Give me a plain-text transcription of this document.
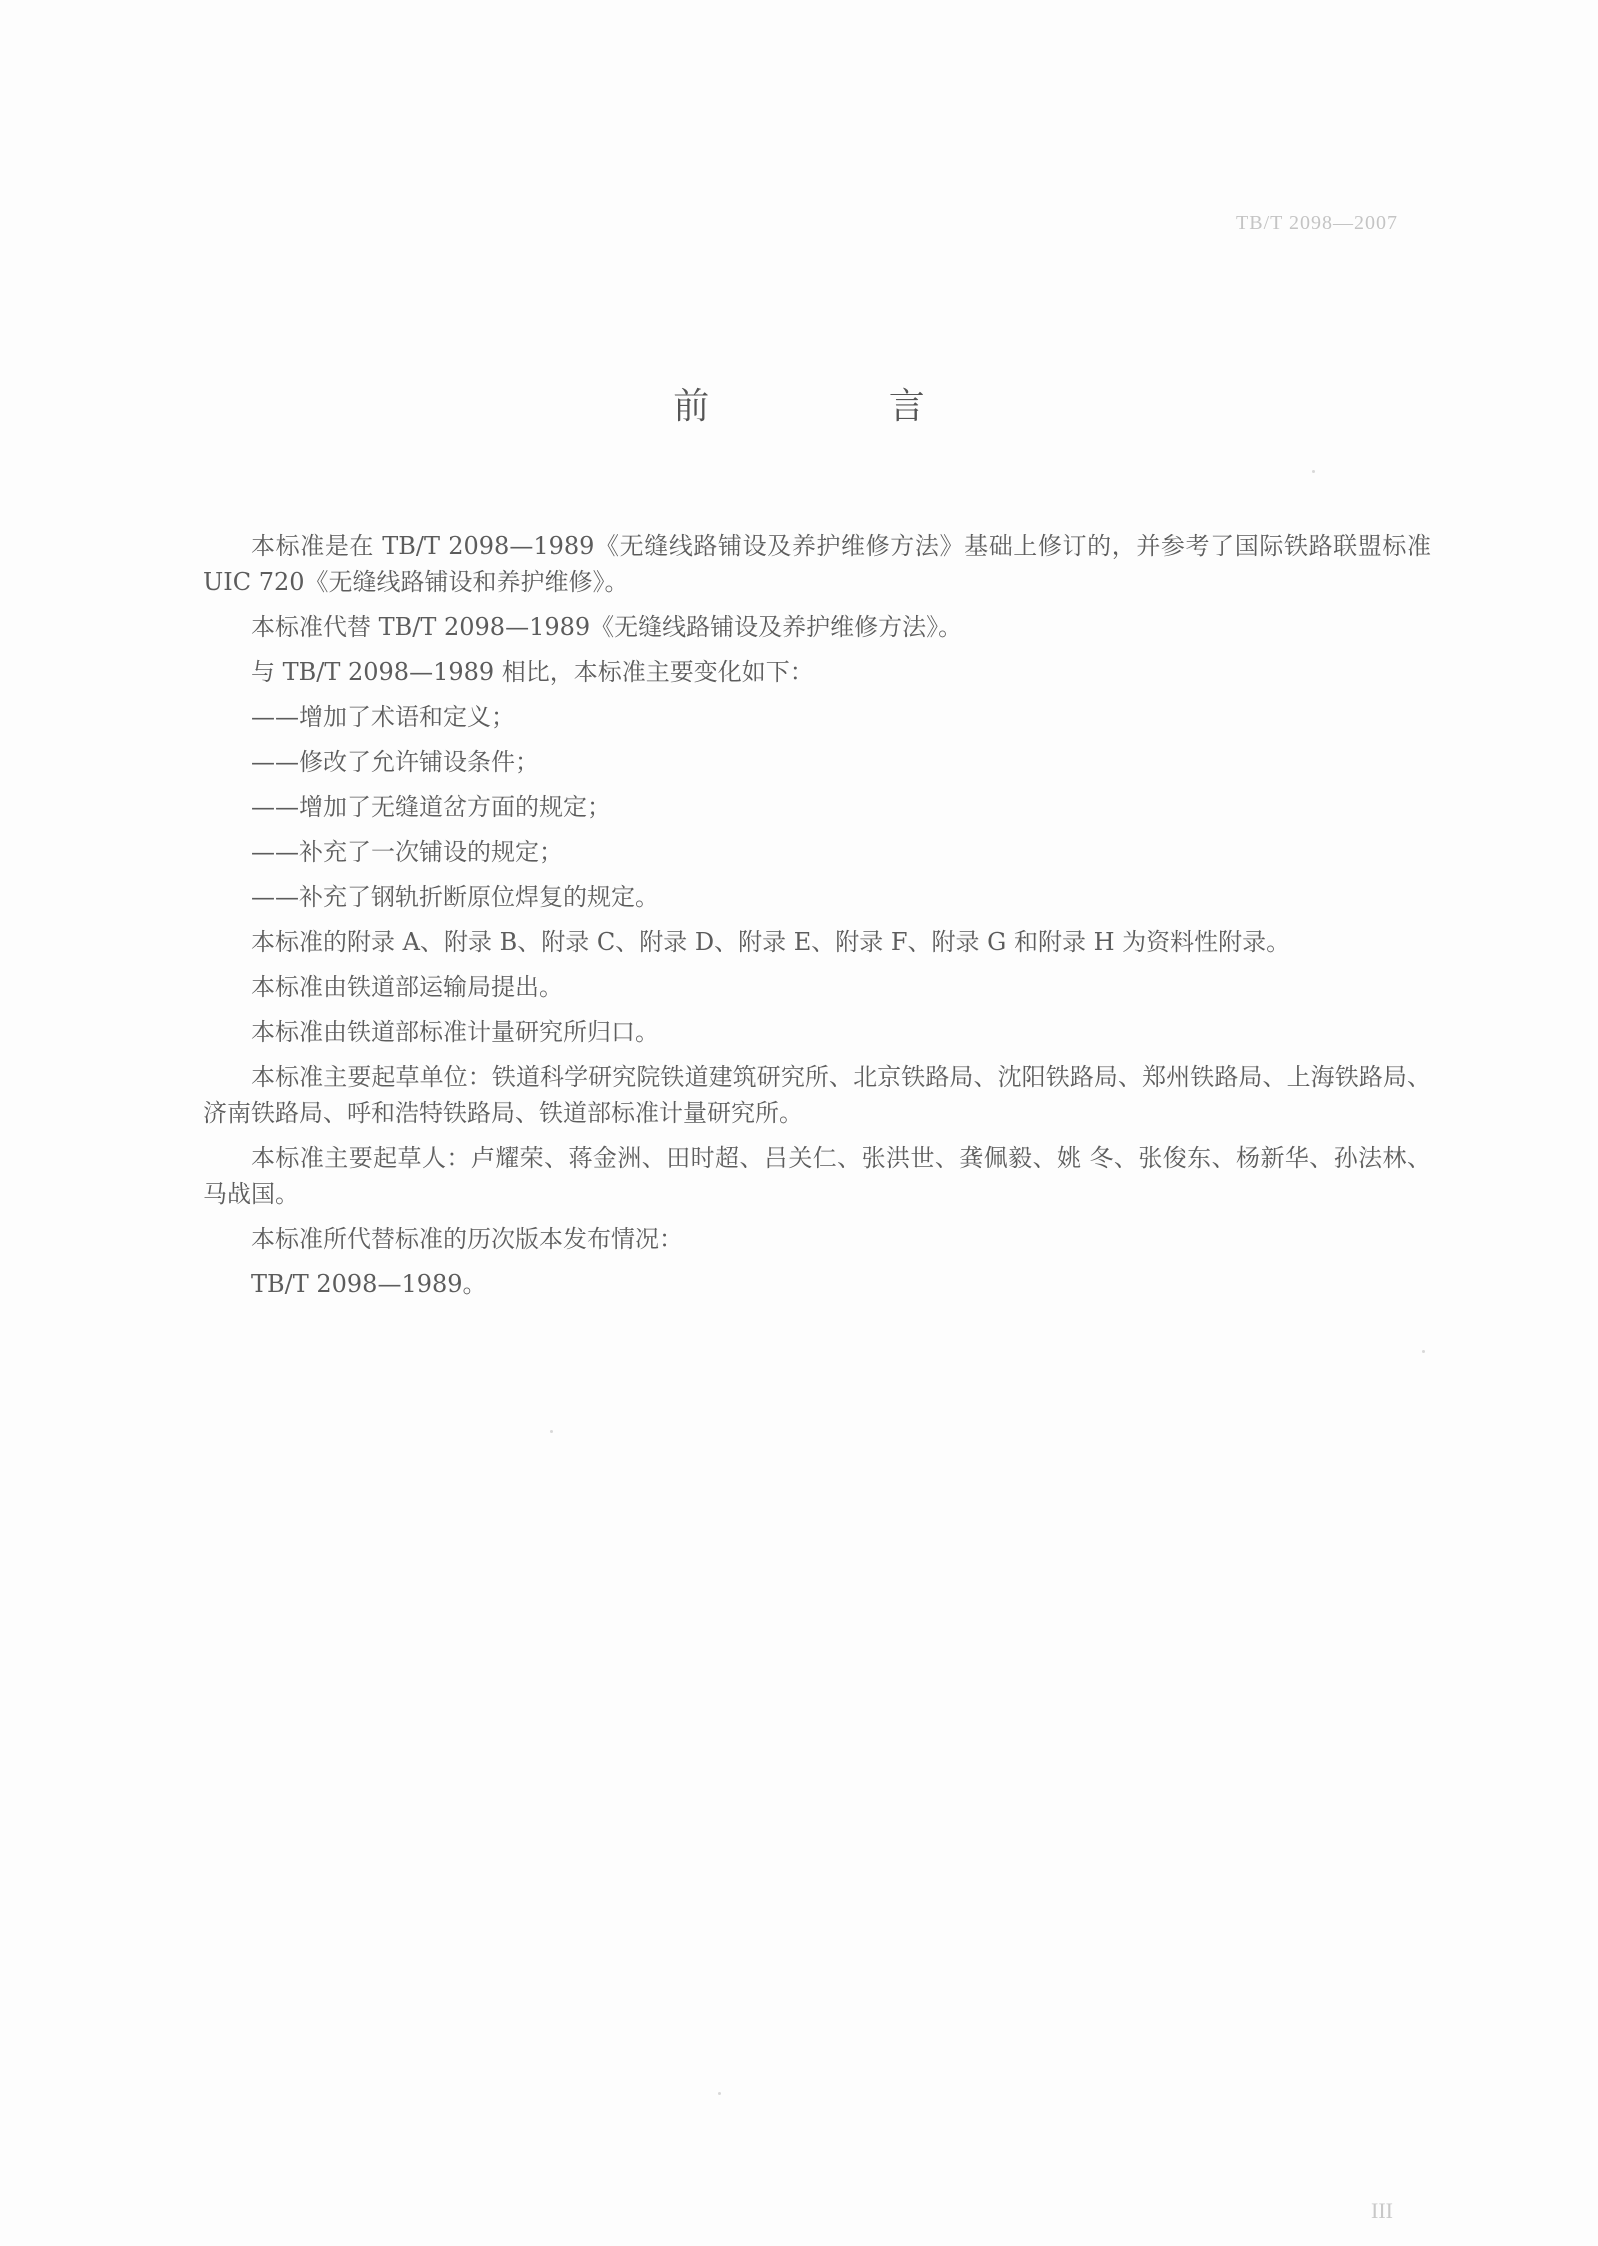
TB/T 2098—2007
前 言

本标准是在 TB/T 2098—1989《无缝线路铺设及养护维修方法》基础上修订的，并参考了国际铁路联盟标准 UIC 720《无缝线路铺设和养护维修》。

本标准代替 TB/T 2098—1989《无缝线路铺设及养护维修方法》。

与 TB/T 2098—1989 相比，本标准主要变化如下：

——增加了术语和定义；

——修改了允许铺设条件；

——增加了无缝道岔方面的规定；

——补充了一次铺设的规定；

——补充了钢轨折断原位焊复的规定。

本标准的附录 A、附录 B、附录 C、附录 D、附录 E、附录 F、附录 G 和附录 H 为资料性附录。

本标准由铁道部运输局提出。

本标准由铁道部标准计量研究所归口。

本标准主要起草单位：铁道科学研究院铁道建筑研究所、北京铁路局、沈阳铁路局、郑州铁路局、上海铁路局、济南铁路局、呼和浩特铁路局、铁道部标准计量研究所。

本标准主要起草人：卢耀荣、蒋金洲、田时超、吕关仁、张洪世、龚佩毅、姚 冬、张俊东、杨新华、孙法林、马战国。

本标准所代替标准的历次版本发布情况：

TB/T 2098—1989。

III
